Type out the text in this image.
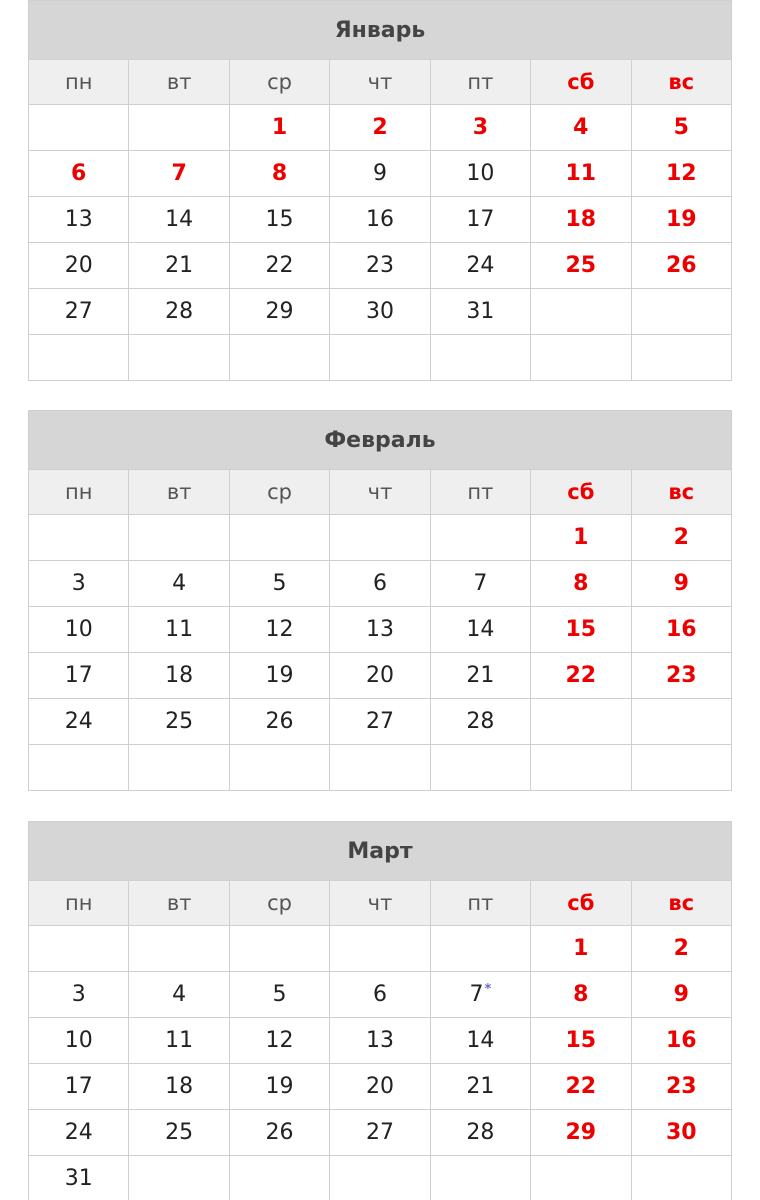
Январь						
пн	вт	ср	чт	пт	сб	вс
		1	2	3	4	5
6	7	8	9	10	11	12
13	14	15	16	17	18	19
20	21	22	23	24	25	26
27	28	29	30	31		

Февраль						
пн	вт	ср	чт	пт	сб	вс
					1	2
3	4	5	6	7	8	9
10	11	12	13	14	15	16
17	18	19	20	21	22	23
24	25	26	27	28		

Март						
пн	вт	ср	чт	пт	сб	вс
					1	2
3	4	5	6	7*	8	9
10	11	12	13	14	15	16
17	18	19	20	21	22	23
24	25	26	27	28	29	30
31						
